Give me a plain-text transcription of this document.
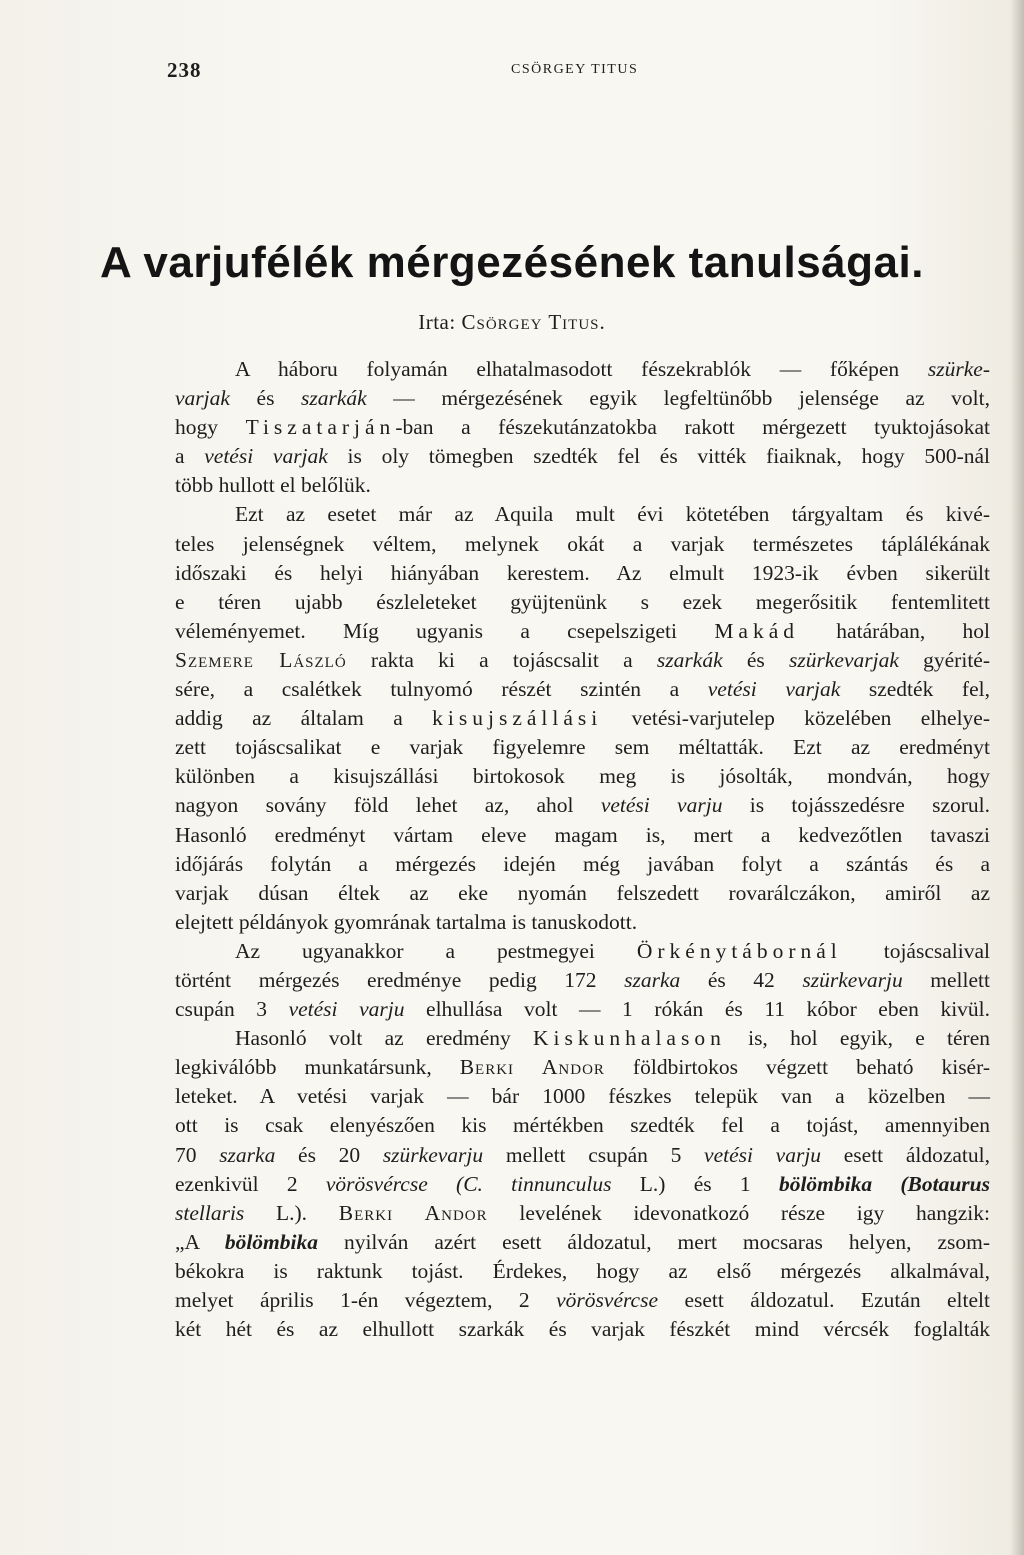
238	CSÖRGEY TITUS
A varjufélék mérgezésének tanulságai.
Irta: Csörgey Titus.
A háboru folyamán elhatalmasodott fészekrablók — főképen szürke-
varjak és szarkák — mérgezésének egyik legfeltünőbb jelensége az volt,
hogy Tiszatarján-ban a fészekutánzatokba rakott mérgezett tyuktojásokat
a vetési varjak is oly tömegben szedték fel és vitték fiaiknak, hogy 500-nál
több hullott el belőlük.
Ezt az esetet már az Aquila mult évi kötetében tárgyaltam és kivé-
teles jelenségnek véltem, melynek okát a varjak természetes táplálékának
időszaki és helyi hiányában kerestem. Az elmult 1923-ik évben sikerült
e téren ujabb észleleteket gyüjtenünk s ezek megerősitik fentemlitett
véleményemet. Míg ugyanis a csepelszigeti Makád határában, hol
Szemere László rakta ki a tojáscsalit a szarkák és szürkevarjak gyérité-
sére, a csalétkek tulnyomó részét szintén a vetési varjak szedték fel,
addig az általam a kisujszállási vetési-varjutelep közelében elhelye-
zett tojáscsalikat e varjak figyelemre sem méltatták. Ezt az eredményt
különben a kisujszállási birtokosok meg is jósolták, mondván, hogy
nagyon sovány föld lehet az, ahol vetési varju is tojásszedésre szorul.
Hasonló eredményt vártam eleve magam is, mert a kedvezőtlen tavaszi
időjárás folytán a mérgezés idején még javában folyt a szántás és a
varjak dúsan éltek az eke nyomán felszedett rovarálczákon, amiről az
elejtett példányok gyomrának tartalma is tanuskodott.
Az ugyanakkor a pestmegyei Örkénytábornál tojáscsalival
történt mérgezés eredménye pedig 172 szarka és 42 szürkevarju mellett
csupán 3 vetési varju elhullása volt — 1 rókán és 11 kóbor eben kivül.
Hasonló volt az eredmény Kiskunhalason is, hol egyik, e téren
legkiválóbb munkatársunk, Berki Andor földbirtokos végzett beható kisér-
leteket. A vetési varjak — bár 1000 fészkes telepük van a közelben —
ott is csak elenyészően kis mértékben szedték fel a tojást, amennyiben
70 szarka és 20 szürkevarju mellett csupán 5 vetési varju esett áldozatul,
ezenkivül 2 vörösvércse (C. tinnunculus L.) és 1 bölömbika (Botaurus
stellaris L.). Berki Andor levelének idevonatkozó része igy hangzik:
„A bölömbika nyilván azért esett áldozatul, mert mocsaras helyen, zsom-
békokra is raktunk tojást. Érdekes, hogy az első mérgezés alkalmával,
melyet április 1-én végeztem, 2 vörösvércse esett áldozatul. Ezután eltelt
két hét és az elhullott szarkák és varjak fészkét mind vércsék foglalták
